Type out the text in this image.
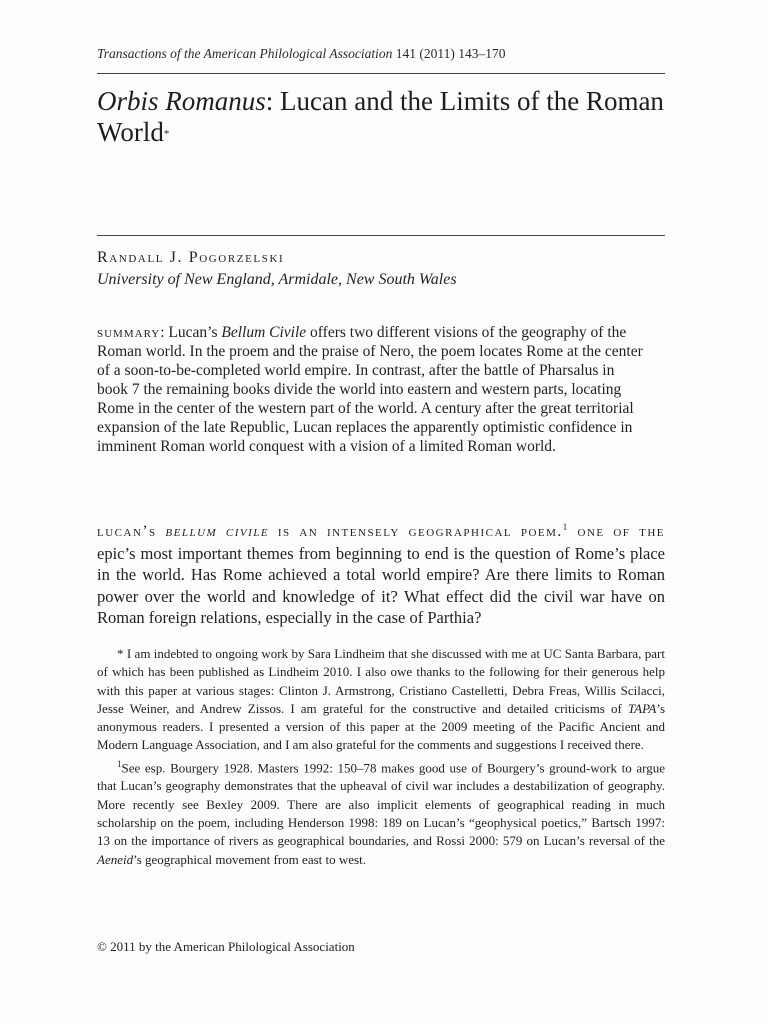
Transactions of the American Philological Association 141 (2011) 143–170
Orbis Romanus: Lucan and the Limits of the Roman World*
Randall J. Pogorzelski
University of New England, Armidale, New South Wales
summary: Lucan’s Bellum Civile offers two different visions of the geography of the Roman world. In the proem and the praise of Nero, the poem locates Rome at the center of a soon-to-be-completed world empire. In contrast, after the battle of Pharsalus in book 7 the remaining books divide the world into eastern and western parts, locating Rome in the center of the western part of the world. A century after the great territorial expansion of the late Republic, Lucan replaces the apparently optimistic confidence in imminent Roman world conquest with a vision of a limited Roman world.
lucan’s bellum civile is an intensely geographical poem.$^1$ one of the epic’s most important themes from beginning to end is the question of Rome’s place in the world. Has Rome achieved a total world empire? Are there limits to Roman power over the world and knowledge of it? What effect did the civil war have on Roman foreign relations, especially in the case of Parthia?

* I am indebted to ongoing work by Sara Lindheim that she discussed with me at UC Santa Barbara, part of which has been published as Lindheim 2010. I also owe thanks to the following for their generous help with this paper at various stages: Clinton J. Armstrong, Cristiano Castelletti, Debra Freas, Willis Scilacci, Jesse Weiner, and Andrew Zissos. I am grateful for the constructive and detailed criticisms of TAPA’s anonymous readers. I presented a version of this paper at the 2009 meeting of the Pacific Ancient and Modern Language Association, and I am also grateful for the comments and suggestions I received there.

$^1$See esp. Bourgery 1928. Masters 1992: 150–78 makes good use of Bourgery’s ground-work to argue that Lucan’s geography demonstrates that the upheaval of civil war includes a destabilization of geography. More recently see Bexley 2009. There are also implicit elements of geographical reading in much scholarship on the poem, including Henderson 1998: 189 on Lucan’s “geophysical poetics,” Bartsch 1997: 13 on the importance of rivers as geographical boundaries, and Rossi 2000: 579 on Lucan’s reversal of the Aeneid’s geographical movement from east to west.

© 2011 by the American Philological Association
